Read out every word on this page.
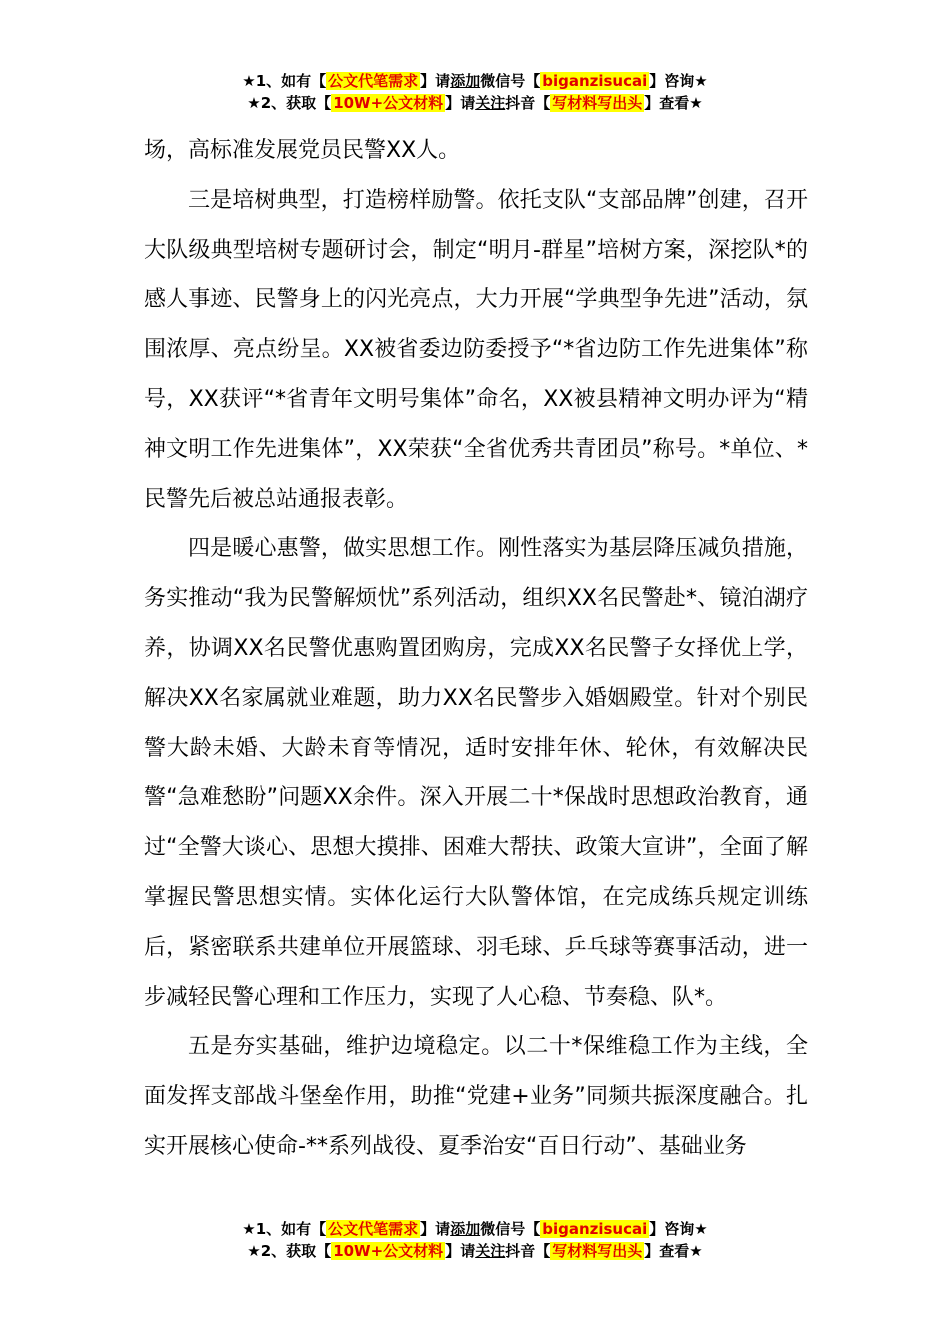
★1、如有【 公文代笔需求 】请添加微信号【 biganzisucai 】咨询★
★2、获取【 10W+公文材料 】请关注抖音【 写材料写出头 】查看★

场，高标准发展党员民警XX人。

三是培树典型，打造榜样励警。依托支队“支部品牌”创建，召开大队级典型培树专题研讨会，制定“明月-群星”培树方案，深挖队*的感人事迹、民警身上的闪光亮点，大力开展“学典型争先进”活动，氛围浓厚、亮点纷呈。XX被省委边防委授予“*省边防工作先进集体”称号，XX获评“*省青年文明号集体”命名，XX被县精神文明办评为“精神文明工作先进集体”，XX荣获“全省优秀共青团员”称号。*单位、*民警先后被总站通报表彰。

四是暖心惠警，做实思想工作。刚性落实为基层降压减负措施，务实推动“我为民警解烦忧”系列活动，组织XX名民警赴*、镜泊湖疗养，协调XX名民警优惠购置团购房，完成XX名民警子女择优上学，解决XX名家属就业难题，助力XX名民警步入婚姻殿堂。针对个别民警大龄未婚、大龄未育等情况，适时安排年休、轮休，有效解决民警“急难愁盼”问题XX余件。深入开展二十*保战时思想政治教育，通过“全警大谈心、思想大摸排、困难大帮扶、政策大宣讲”，全面了解掌握民警思想实情。实体化运行大队警体馆，在完成练兵规定训练后，紧密联系共建单位开展篮球、羽毛球、乒乓球等赛事活动，进一步减轻民警心理和工作压力，实现了人心稳、节奏稳、队*。

五是夯实基础，维护边境稳定。以二十*保维稳工作为主线，全面发挥支部战斗堡垒作用，助推“党建+业务”同频共振深度融合。扎实开展核心使命-**系列战役、夏季治安“百日行动”、基础业务

★1、如有【 公文代笔需求 】请添加微信号【 biganzisucai 】咨询★
★2、获取【 10W+公文材料 】请关注抖音【 写材料写出头 】查看★
